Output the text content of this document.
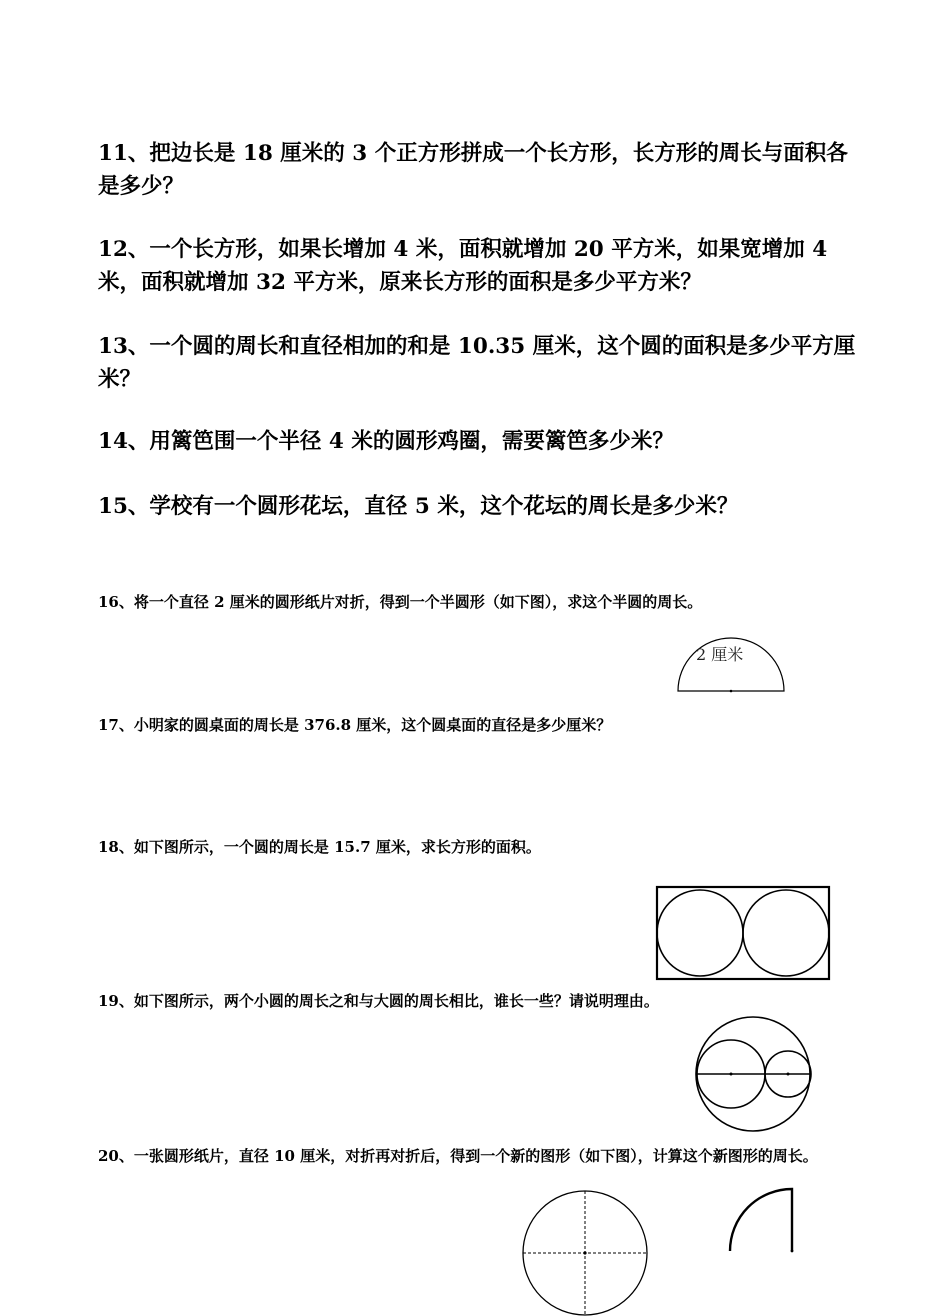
11、把边长是 18 厘米的 3 个正方形拼成一个长方形，长方形的周长与面积各是多少？

12、一个长方形，如果长增加 4 米，面积就增加 20 平方米，如果宽增加 4 米，面积就增加 32 平方米，原来长方形的面积是多少平方米？

13、一个圆的周长和直径相加的和是 10.35 厘米，这个圆的面积是多少平方厘米？

14、用篱笆围一个半径 4 米的圆形鸡圈，需要篱笆多少米？

15、学校有一个圆形花坛，直径 5 米，这个花坛的周长是多少米？

16、将一个直径 2 厘米的圆形纸片对折，得到一个半圆形（如下图），求这个半圆的周长。

17、小明家的圆桌面的周长是 376.8 厘米，这个圆桌面的直径是多少厘米？

18、如下图所示，一个圆的周长是 15.7 厘米，求长方形的面积。

19、如下图所示，两个小圆的周长之和与大圆的周长相比，谁长一些？请说明理由。

20、一张圆形纸片，直径 10 厘米，对折再对折后，得到一个新的图形（如下图），计算这个新图形的周长。

2 厘米
